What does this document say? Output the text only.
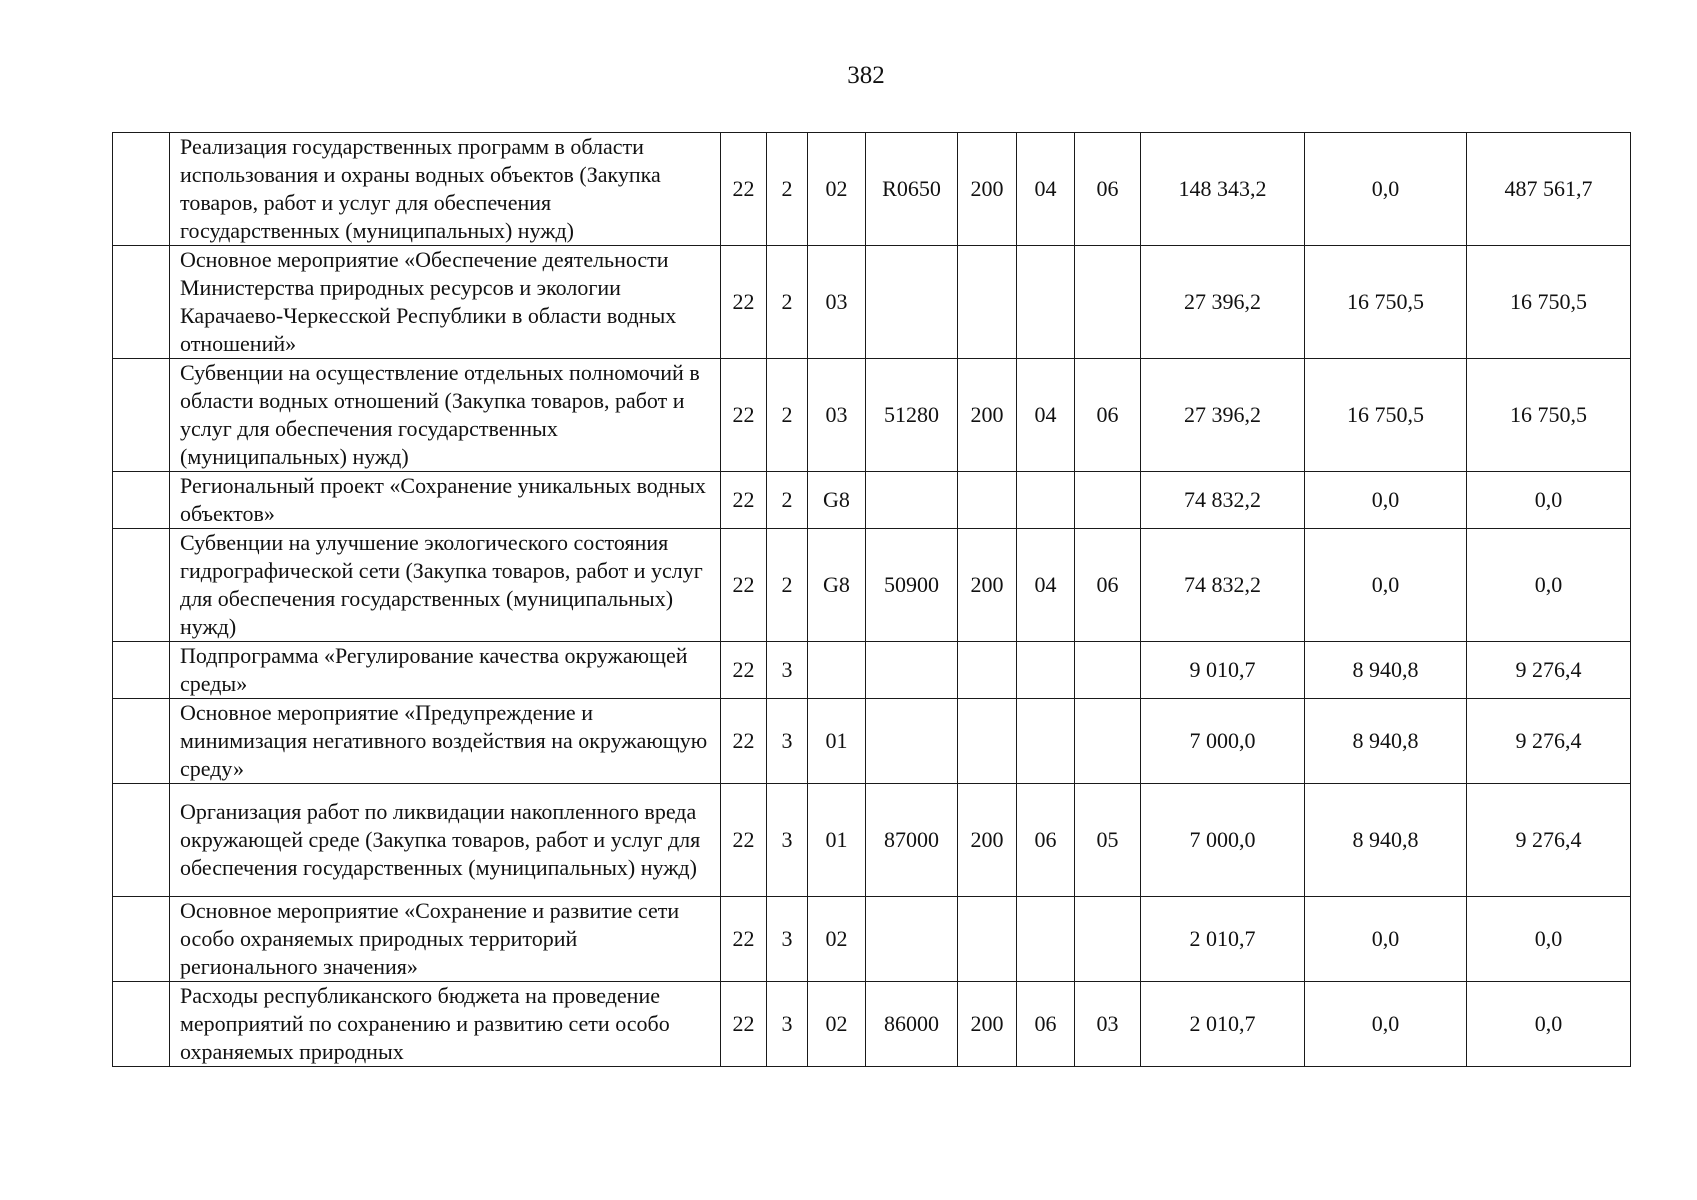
382
	Реализация государственных программ в области использования и охраны водных объектов (Закупка товаров, работ и услуг для обеспечения государственных (муниципальных) нужд)	22	2	02	R0650	200	04	06	148 343,2	0,0	487 561,7
	Основное мероприятие «Обеспечение деятельности Министерства природных ресурсов и экологии Карачаево-Черкесской Республики в области водных отношений»	22	2	03					27 396,2	16 750,5	16 750,5
	Субвенции на осуществление отдельных полномочий в области водных отношений (Закупка товаров, работ и услуг для обеспечения государственных (муниципальных) нужд)	22	2	03	51280	200	04	06	27 396,2	16 750,5	16 750,5
	Региональный проект «Сохранение уникальных водных объектов»	22	2	G8					74 832,2	0,0	0,0
	Субвенции на улучшение экологического состояния гидрографической сети (Закупка товаров, работ и услуг для обеспечения государственных (муниципальных) нужд)	22	2	G8	50900	200	04	06	74 832,2	0,0	0,0
	Подпрограмма «Регулирование качества окружающей среды»	22	3						9 010,7	8 940,8	9 276,4
	Основное мероприятие «Предупреждение и минимизация негативного воздействия на окружающую среду»	22	3	01					7 000,0	8 940,8	9 276,4
	Организация работ по ликвидации накопленного вреда окружающей среде (Закупка товаров, работ и услуг для обеспечения государственных (муниципальных) нужд)	22	3	01	87000	200	06	05	7 000,0	8 940,8	9 276,4
	Основное мероприятие «Сохранение и развитие сети особо охраняемых природных территорий регионального значения»	22	3	02					2 010,7	0,0	0,0
	Расходы республиканского бюджета на проведение мероприятий по сохранению и развитию сети особо охраняемых природных	22	3	02	86000	200	06	03	2 010,7	0,0	0,0
